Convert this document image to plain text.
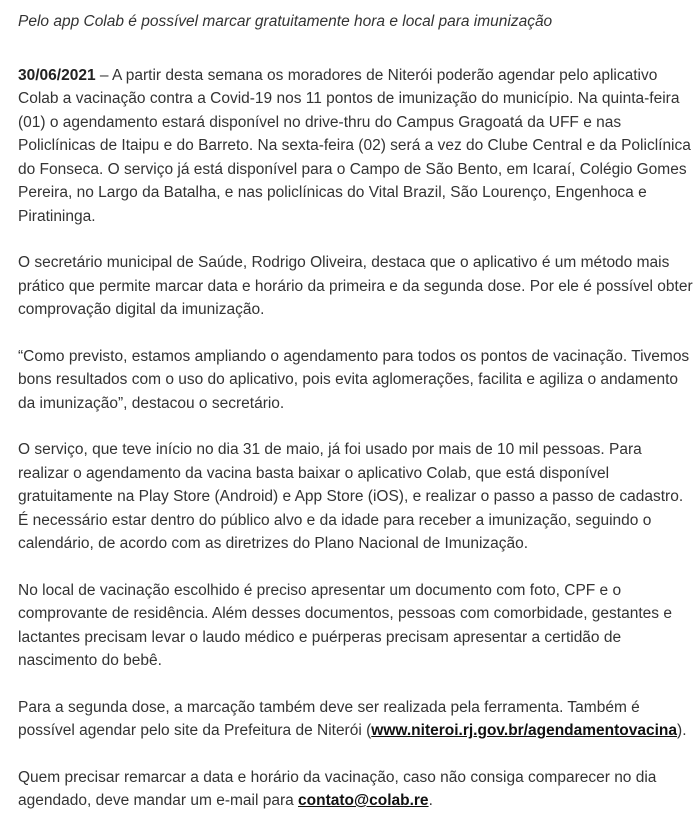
Pelo app Colab é possível marcar gratuitamente hora e local para imunização

30/06/2021 – A partir desta semana os moradores de Niterói poderão agendar pelo aplicativo Colab a vacinação contra a Covid-19 nos 11 pontos de imunização do município. Na quinta-feira (01) o agendamento estará disponível no drive-thru do Campus Gragoatá da UFF e nas Policlínicas de Itaipu e do Barreto. Na sexta-feira (02) será a vez do Clube Central e da Policlínica do Fonseca. O serviço já está disponível para o Campo de São Bento, em Icaraí, Colégio Gomes Pereira, no Largo da Batalha, e nas policlínicas do Vital Brazil, São Lourenço, Engenhoca e Piratininga.

O secretário municipal de Saúde, Rodrigo Oliveira, destaca que o aplicativo é um método mais prático que permite marcar data e horário da primeira e da segunda dose. Por ele é possível obter comprovação digital da imunização.

“Como previsto, estamos ampliando o agendamento para todos os pontos de vacinação. Tivemos bons resultados com o uso do aplicativo, pois evita aglomerações, facilita e agiliza o andamento da imunização”, destacou o secretário.

O serviço, que teve início no dia 31 de maio, já foi usado por mais de 10 mil pessoas. Para realizar o agendamento da vacina basta baixar o aplicativo Colab, que está disponível gratuitamente na Play Store (Android) e App Store (iOS), e realizar o passo a passo de cadastro. É necessário estar dentro do público alvo e da idade para receber a imunização, seguindo o calendário, de acordo com as diretrizes do Plano Nacional de Imunização.

No local de vacinação escolhido é preciso apresentar um documento com foto, CPF e o comprovante de residência. Além desses documentos, pessoas com comorbidade, gestantes e lactantes precisam levar o laudo médico e puérperas precisam apresentar a certidão de nascimento do bebê.

Para a segunda dose, a marcação também deve ser realizada pela ferramenta. Também é possível agendar pelo site da Prefeitura de Niterói (www.niteroi.rj.gov.br/agendamentovacina).

Quem precisar remarcar a data e horário da vacinação, caso não consiga comparecer no dia agendado, deve mandar um e-mail para contato@colab.re.
